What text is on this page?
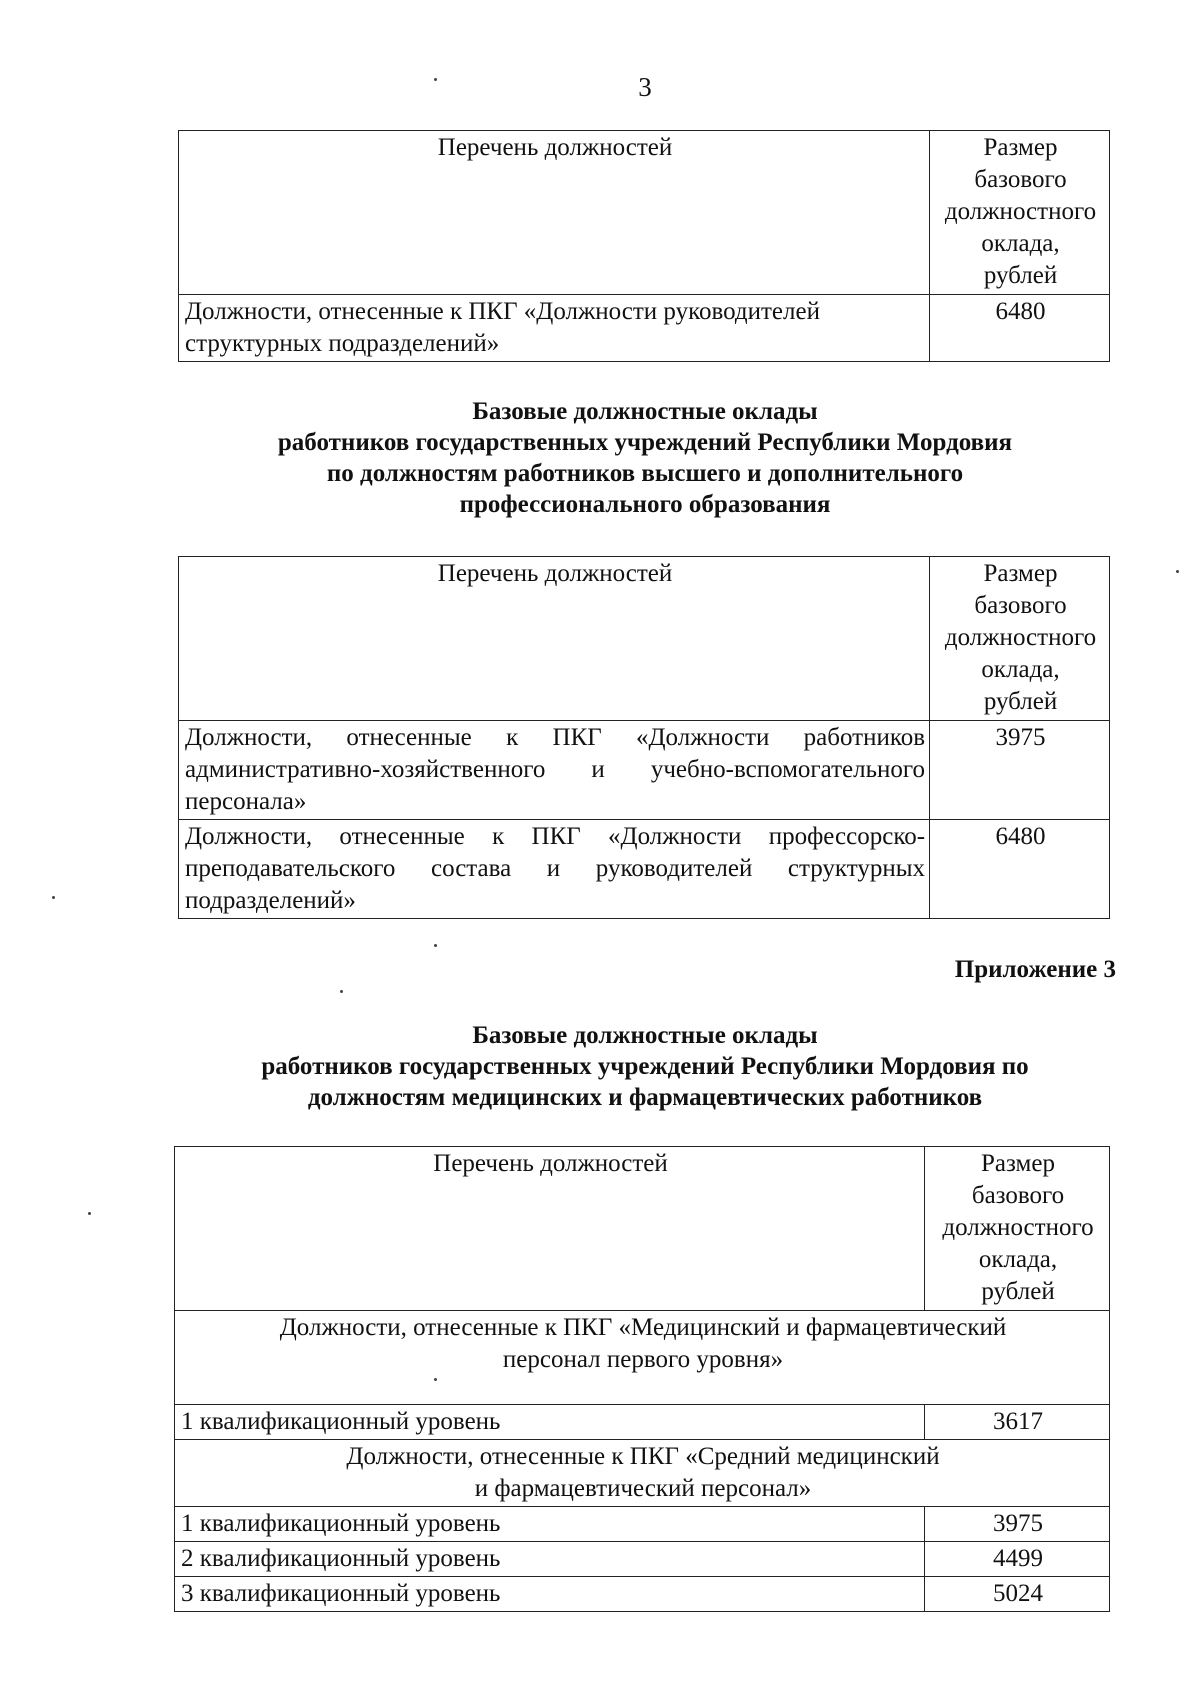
3
Перечень должностей	Размер
базового
должностного
оклада,
рублей

Должности, отнесенные к ПКГ «Должности руководителей структурных подразделений»	6480
Базовые должностные оклады
работников государственных учреждений Республики Мордовия
по должностям работников высшего и дополнительного
профессионального образования
Перечень должностей	Размер
базового
должностного
оклада,
рублей

Должности, отнесенные к ПКГ «Должности работников административно-хозяйственного и учебно-вспомогательного персонала»	3975
Должности, отнесенные к ПКГ «Должности профессорско-преподавательского состава и руководителей структурных подразделений»	6480
Приложение 3
Базовые должностные оклады
работников государственных учреждений Республики Мордовия по
должностям медицинских и фармацевтических работников
Перечень должностей	Размер
базового
должностного
оклада,
рублей

Должности, отнесенные к ПКГ «Медицинский и фармацевтический
персонал первого уровня»	

1 квалификационный уровень	3617

Должности, отнесенные к ПКГ «Средний медицинский
и фармацевтический персонал»	

1 квалификационный уровень	3975
2 квалификационный уровень	4499
3 квалификационный уровень	5024
